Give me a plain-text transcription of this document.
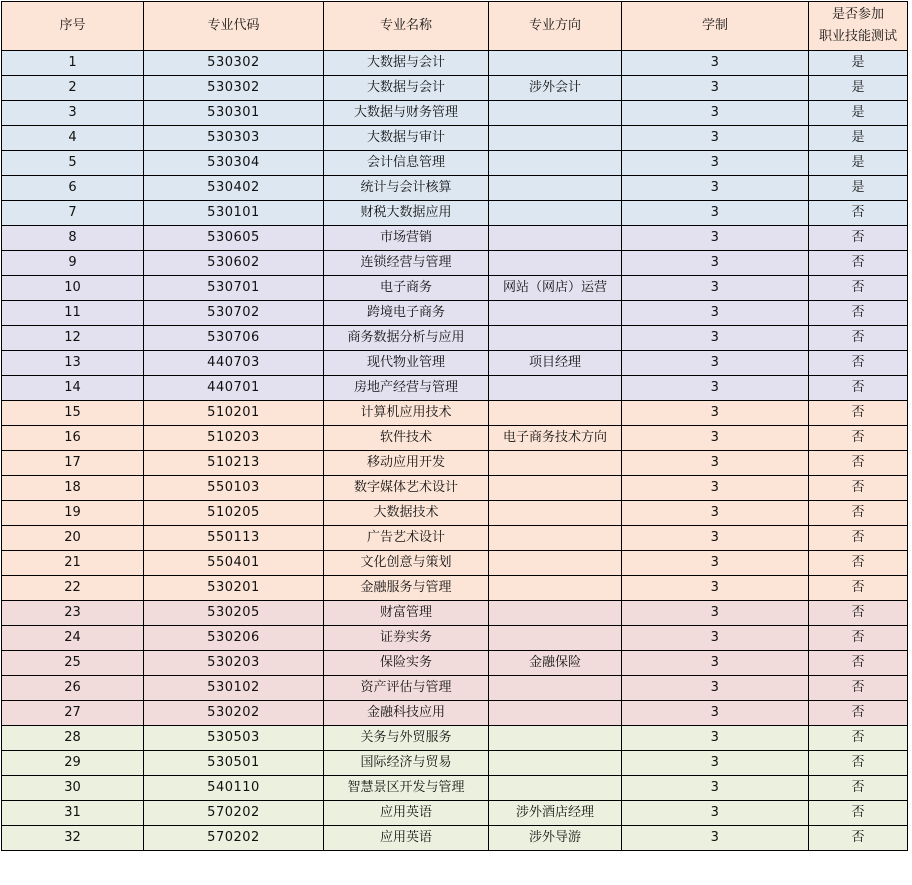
序号	专业代码	专业名称	专业方向	学制	是否参加
职业技能测试
1	530302	大数据与会计		3	是
2	530302	大数据与会计	涉外会计	3	是
3	530301	大数据与财务管理		3	是
4	530303	大数据与审计		3	是
5	530304	会计信息管理		3	是
6	530402	统计与会计核算		3	是
7	530101	财税大数据应用		3	否
8	530605	市场营销		3	否
9	530602	连锁经营与管理		3	否
10	530701	电子商务	网站（网店）运营	3	否
11	530702	跨境电子商务		3	否
12	530706	商务数据分析与应用		3	否
13	440703	现代物业管理	项目经理	3	否
14	440701	房地产经营与管理		3	否
15	510201	计算机应用技术		3	否
16	510203	软件技术	电子商务技术方向	3	否
17	510213	移动应用开发		3	否
18	550103	数字媒体艺术设计		3	否
19	510205	大数据技术		3	否
20	550113	广告艺术设计		3	否
21	550401	文化创意与策划		3	否
22	530201	金融服务与管理		3	否
23	530205	财富管理		3	否
24	530206	证券实务		3	否
25	530203	保险实务	金融保险	3	否
26	530102	资产评估与管理		3	否
27	530202	金融科技应用		3	否
28	530503	关务与外贸服务		3	否
29	530501	国际经济与贸易		3	否
30	540110	智慧景区开发与管理		3	否
31	570202	应用英语	涉外酒店经理	3	否
32	570202	应用英语	涉外导游	3	否
